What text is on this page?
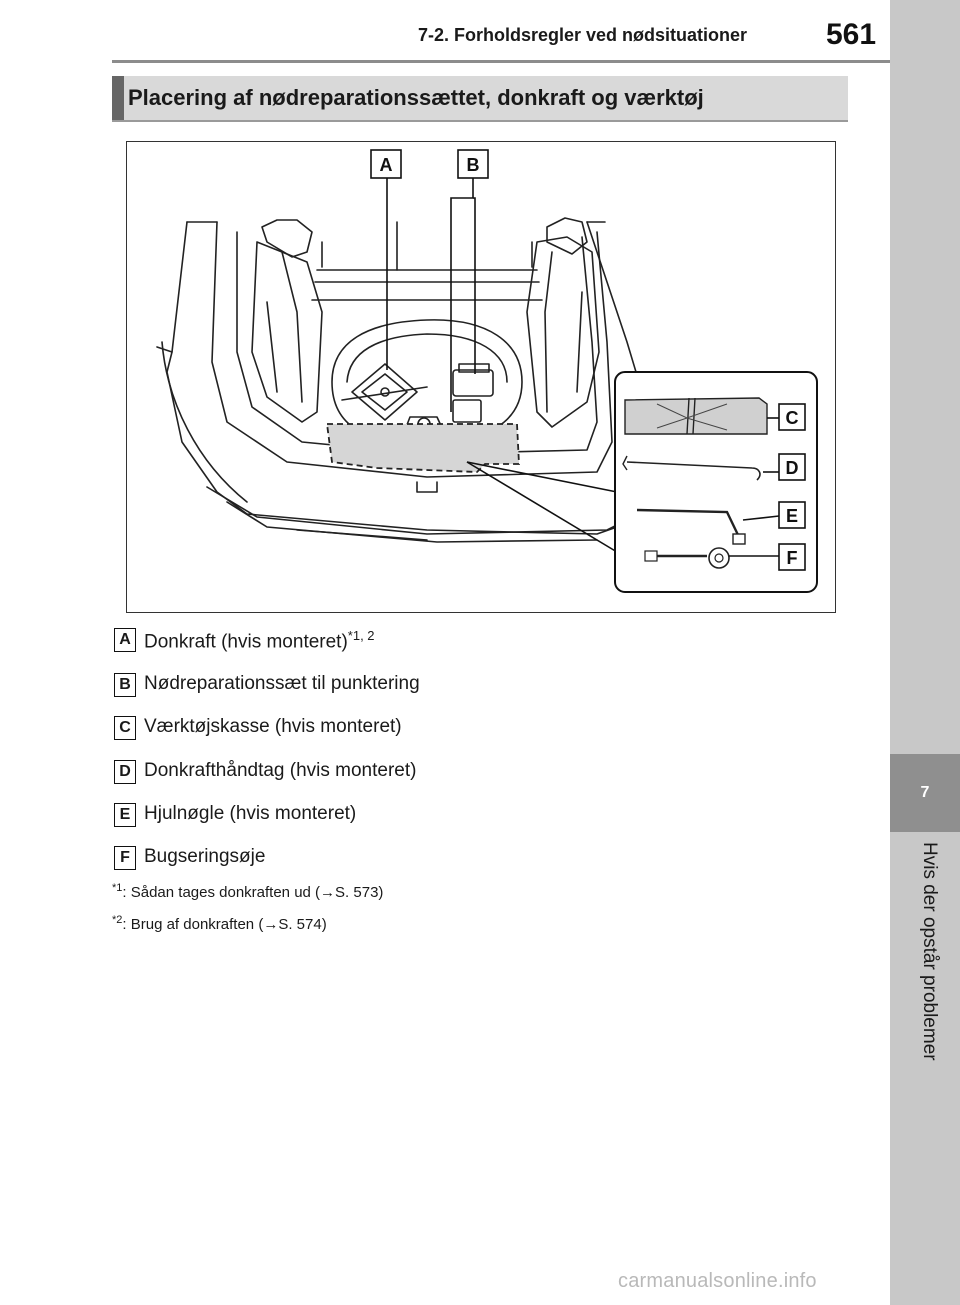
7-2. Forholdsregler ved nødsituationer	561
7
Hvis der opstår problemer
Placering af nødreparationssættet, donkraft og værktøj
A	B
C
D
E
F
A Donkraft (hvis monteret)$^{*1, 2}$
B Nødreparationssæt til punktering
C Værktøjskasse (hvis monteret)
D Donkrafthåndtag (hvis monteret)
E Hjulnøgle (hvis monteret)
F Bugseringsøje
$^{*1}$: Sådan tages donkraften ud (→S. 573)
$^{*2}$: Brug af donkraften (→S. 574)
carmanualsonline.info
